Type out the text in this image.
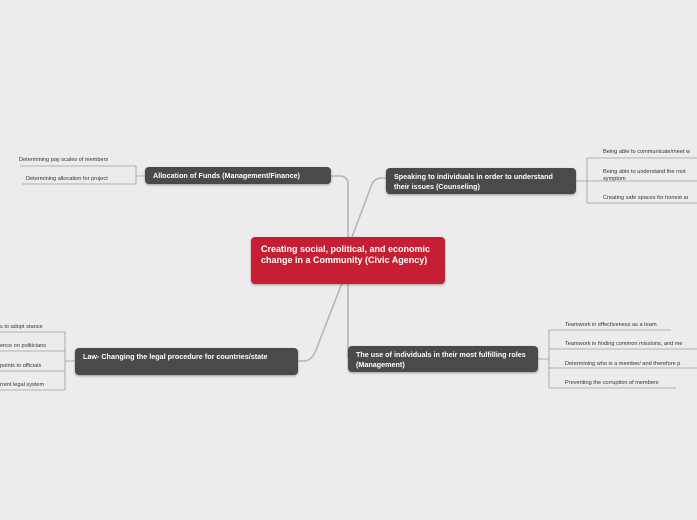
Creating social, political, and economic change in a Community (Civic Agency)
Allocation of Funds (Management/Finance)
Determining pay scales of members
Determining allocation for project	Speaking to individuals in order to understand their issues (Counseling)
Being able to communicate/meet w
Being able to understand the root symptom
Creating safe spaces for honest ar
Law- Changing the legal procedure for countries/state
s to adopt stance
ence on politicians
points to officials
rrent legal system
The use of individuals in their most fulfilling roles (Management)
Teamwork in effectiveness as a team
Teamwork in finding common missions, and me
Determining who is a member/ and therefore p
Preventing the corruption of members
